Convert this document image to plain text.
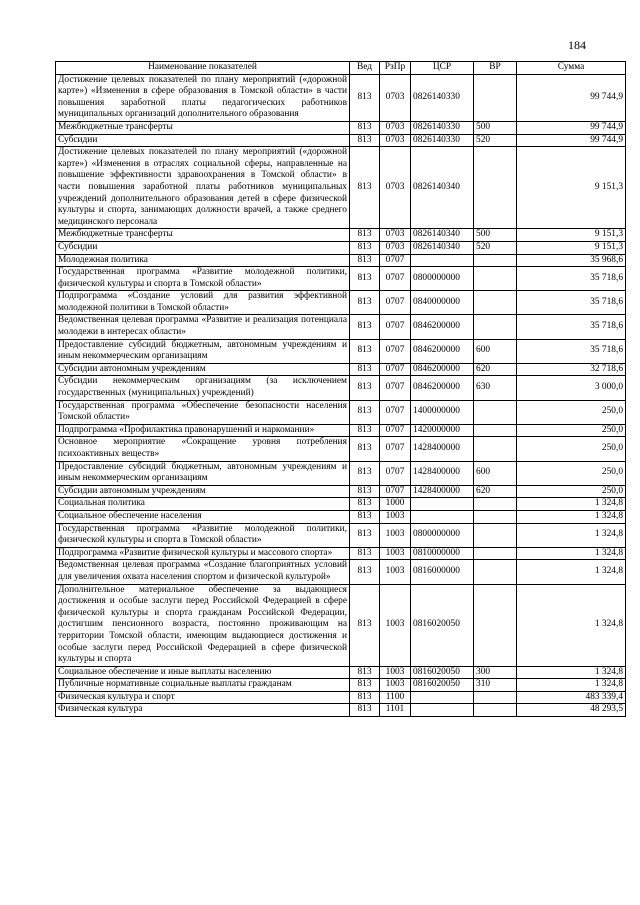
184
Наименование показателей	Вед	РзПр	ЦСР	ВР	Сумма
Достижение целевых показателей по плану мероприятий («дорожной карте») «Изменения в сфере образования в Томской области» в части повышения заработной платы педагогических работников муниципальных организаций дополнительного образования	813	0703	0826140330		99 744,9
Межбюджетные трансферты	813	0703	0826140330	500	99 744,9
Субсидии	813	0703	0826140330	520	99 744,9
Достижение целевых показателей по плану мероприятий («дорожной карте») «Изменения в отраслях социальной сферы, направленные на повышение эффективности здравоохранения в Томской области» в части повышения заработной платы работников муниципальных учреждений дополнительного образования детей в сфере физической культуры и спорта, занимающих должности врачей, а также среднего медицинского персонала	813	0703	0826140340		9 151,3
Межбюджетные трансферты	813	0703	0826140340	500	9 151,3
Субсидии	813	0703	0826140340	520	9 151,3
Молодежная политика	813	0707			35 968,6
Государственная программа «Развитие молодежной политики, физической культуры и спорта в Томской области»	813	0707	0800000000		35 718,6
Подпрограмма «Создание условий для развития эффективной молодежной политики в Томской области»	813	0707	0840000000		35 718,6
Ведомственная целевая программа «Развитие и реализация потенциала молодежи в интересах области»	813	0707	0846200000		35 718,6
Предоставление субсидий бюджетным, автономным учреждениям и иным некоммерческим организациям	813	0707	0846200000	600	35 718,6
Субсидии автономным учреждениям	813	0707	0846200000	620	32 718,6
Субсидии некоммерческим организациям (за исключением государственных (муниципальных) учреждений)	813	0707	0846200000	630	3 000,0
Государственная программа «Обеспечение безопасности населения Томской области»	813	0707	1400000000		250,0
Подпрограмма «Профилактика правонарушений и наркомании»	813	0707	1420000000		250,0
Основное мероприятие «Сокращение уровня потребления психоактивных веществ»	813	0707	1428400000		250,0
Предоставление субсидий бюджетным, автономным учреждениям и иным некоммерческим организациям	813	0707	1428400000	600	250,0
Субсидии автономным учреждениям	813	0707	1428400000	620	250,0
Социальная политика	813	1000			1 324,8
Социальное обеспечение населения	813	1003			1 324,8
Государственная программа «Развитие молодежной политики, физической культуры и спорта в Томской области»	813	1003	0800000000		1 324,8
Подпрограмма «Развитие физической культуры и массового спорта»	813	1003	0810000000		1 324,8
Ведомственная целевая программа «Создание благоприятных условий для увеличения охвата населения спортом и физической культурой»	813	1003	0816000000		1 324,8
Дополнительное материальное обеспечение за выдающиеся достижения и особые заслуги перед Российской Федерацией в сфере физической культуры и спорта гражданам Российской Федерации, достигшим пенсионного возраста, постоянно проживающим на территории Томской области, имеющим выдающиеся достижения и особые заслуги перед Российской Федерацией в сфере физической культуры и спорта	813	1003	0816020050		1 324,8
Социальное обеспечение и иные выплаты населению	813	1003	0816020050	300	1 324,8
Публичные нормативные социальные выплаты гражданам	813	1003	0816020050	310	1 324,8
Физическая культура и спорт	813	1100			483 339,4
Физическая культура	813	1101			48 293,5
